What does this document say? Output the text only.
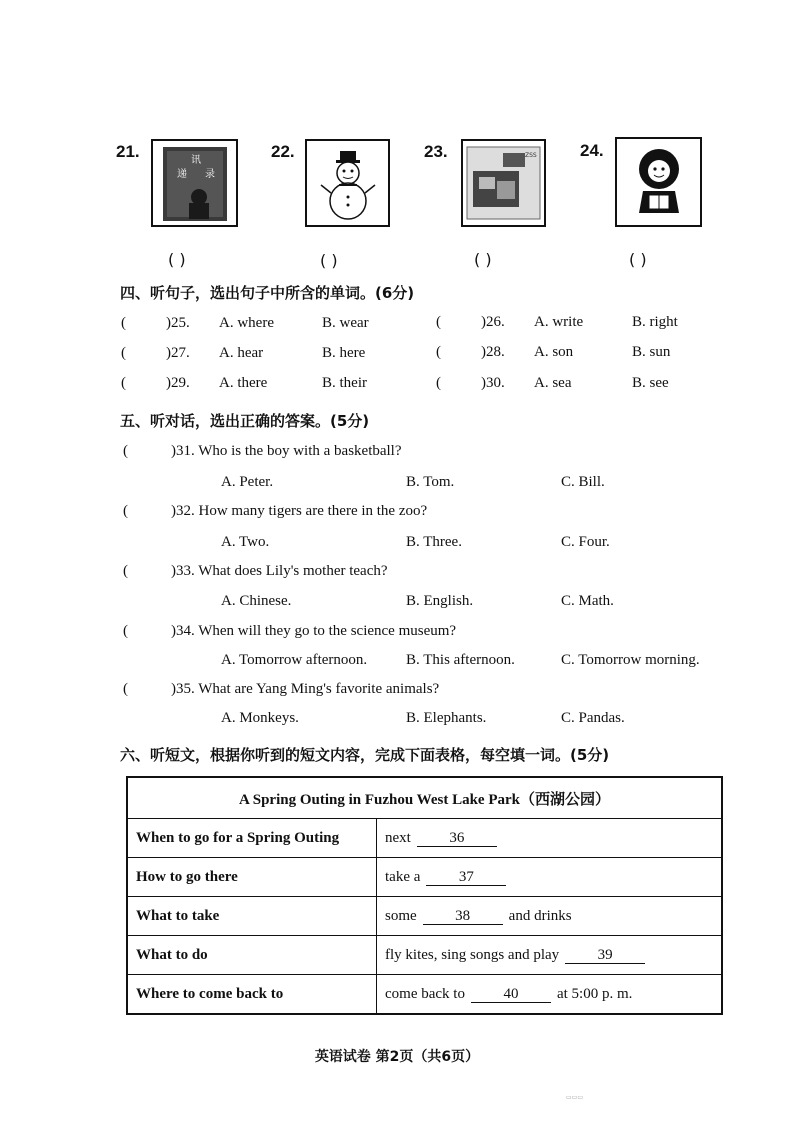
21.	讯
递 录
22.	23.	ZSS	24.
( )	( )	( )	( )
四、听句子，选出句子中所含的单词。(6分)
(	)25. A. where	B. wear	(	)26. A. write	B. right
(	)27. A. hear	B. here	(	)28. A. son	B. sun
(	)29. A. there	B. their	(	)30. A. sea	B. see
五、听对话，选出正确的答案。(5分)
(	)31. Who is the boy with a basketball?
A. Peter.	B. Tom.	C. Bill.
(	)32. How many tigers are there in the zoo?
A. Two.	B. Three.	C. Four.
(	)33. What does Lily's mother teach?
A. Chinese.	B. English.	C. Math.
(	)34. When will they go to the science museum?
A. Tomorrow afternoon.	B. This afternoon.	C. Tomorrow morning.
(	)35. What are Yang Ming's favorite animals?
A. Monkeys.	B. Elephants.	C. Pandas.
六、听短文，根据你听到的短文内容，完成下面表格，每空填一词。(5分)
A Spring Outing in Fuzhou West Lake Park（西湖公园）	
When to go for a Spring Outing	next 36
How to go there	take a 37
What to take	some 38 and drinks
What to do	fly kites, sing songs and play 39
Where to come back to	come back to 40 at 5:00 p. m.
英语试卷 第2页（共6页）
▭▭▭
